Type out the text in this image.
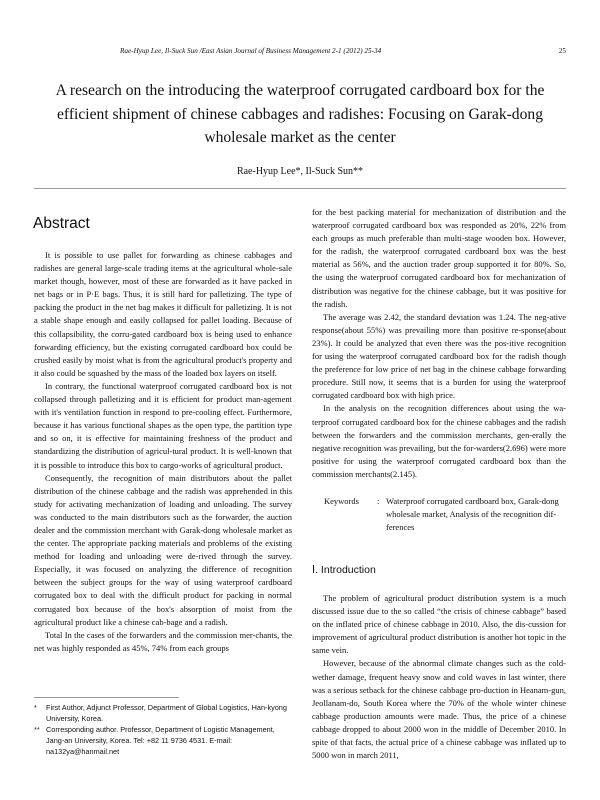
Rae-Hyup Lee, Il-Suck Sun /East Asian Journal of Business Management 2-1 (2012) 25-34	25
A research on the introducing the waterproof corrugated cardboard box for the efficient shipment of chinese cabbages and radishes: Focusing on Garak-dong wholesale market as the center
Rae-Hyup Lee*, Il-Suck Sun**
Abstract

It is possible to use pallet for forwarding as chinese cabbages and radishes are general large-scale trading items at the agricultural whole-sale market though, however, most of these are forwarded as it have packed in net bags or in P·E bags. Thus, it is still hard for palletizing. The type of packing the product in the net bag makes it difficult for palletizing. It is not a stable shape enough and easily collapsed for pallet loading. Because of this collapsibility, the corru-gated cardboard box is being used to enhance forwarding efficiency, but the existing corrugated cardboard box could be crushed easily by moist what is from the agricultural product's property and it also could be squashed by the mass of the loaded box layers on itself.

In contrary, the functional waterproof corrugated cardboard box is not collapsed through palletizing and it is efficient for product man-agement with it's ventilation function in respond to pre-cooling effect. Furthermore, because it has various functional shapes as the open type, the partition type and so on, it is effective for maintaining freshness of the product and standardizing the distribution of agricul-tural product. It is well-known that it is possible to introduce this box to cargo-works of agricultural product.

Consequently, the recognition of main distributors about the pallet distribution of the chinese cabbage and the radish was apprehended in this study for activating mechanization of loading and unloading. The survey was conducted to the main distributors such as the forwarder, the auction dealer and the commission merchant with Garak-dong wholesale market as the center. The appropriate packing materials and problems of the existing method for loading and unloading were de-rived through the survey. Especially, it was focused on analyzing the difference of recognition between the subject groups for the way of using waterproof cardboard corrugated box to deal with the difficult product for packing in normal corrugated box because of the box's absorption of moist from the agricultural product like a chinese cab-bage and a radish.

Total In the cases of the forwarders and the commission mer-chants, the net was highly responded as 45%, 74% from each groups

for the best packing material for mechanization of distribution and the waterproof corrugated cardboard box was responded as 20%, 22% from each groups as much preferable than multi-stage wooden box. However, for the radish, the waterproof corrugated cardboard box was the best material as 56%, and the auction trader group supported it for 80%. So, the using the waterproof corrugated cardboard box for mechanization of distribution was negative for the chinese cabbage, but it was positive for the radish.

The average was 2.42, the standard deviation was 1.24. The neg-ative response(about 55%) was prevailing more than positive re-sponse(about 23%). It could be analyzed that even there was the pos-itive recognition for using the waterproof corrugated cardboard box for the radish though the preference for low price of net bag in the chinese cabbage forwarding procedure. Still now, it seems that is a burden for using the waterproof corrugated cardboard box with high price.

In the analysis on the recognition differences about using the wa-terproof corrugated cardboard box for the chinese cabbages and the radish between the forwarders and the commission merchants, gen-erally the negative recognition was prevailing, but the for-warders(2.696) were more positive for using the waterproof corrugated cardboard box than the commission merchants(2.145).

Keywords : Waterproof corrugated cardboard box, Garak-dong wholesale market, Analysis of the recognition dif-ferences
Ⅰ. Introduction

The problem of agricultural product distribution system is a much discussed issue due to the so called “the crisis of chinese cabbage” based on the inflated price of chinese cabbage in 2010. Also, the dis-cussion for improvement of agricultural product distribution is another hot topic in the same vein.

However, because of the abnormal climate changes such as the cold-wether damage, frequent heavy snow and cold waves in last winter, there was a serious setback for the chinese cabbage pro-duction in Heanam-gun, Jeollanam-do, South Korea where the 70% of the whole winter chinese cabbage production amounts were made. Thus, the price of a chinese cabbage dropped to about 2000 won in the middle of December 2010. In spite of that facts, the actual price of a chinese cabbage was inflated up to 5000 won in march 2011,

* First Author, Adjunct Professor, Department of Global Logistics, Han-kyong University, Korea.

** Corresponding author. Professor, Department of Logistic Management, Jang-an University, Korea. Tel: +82 11 9736 4531. E-mail: na132ya@hanmail.net
